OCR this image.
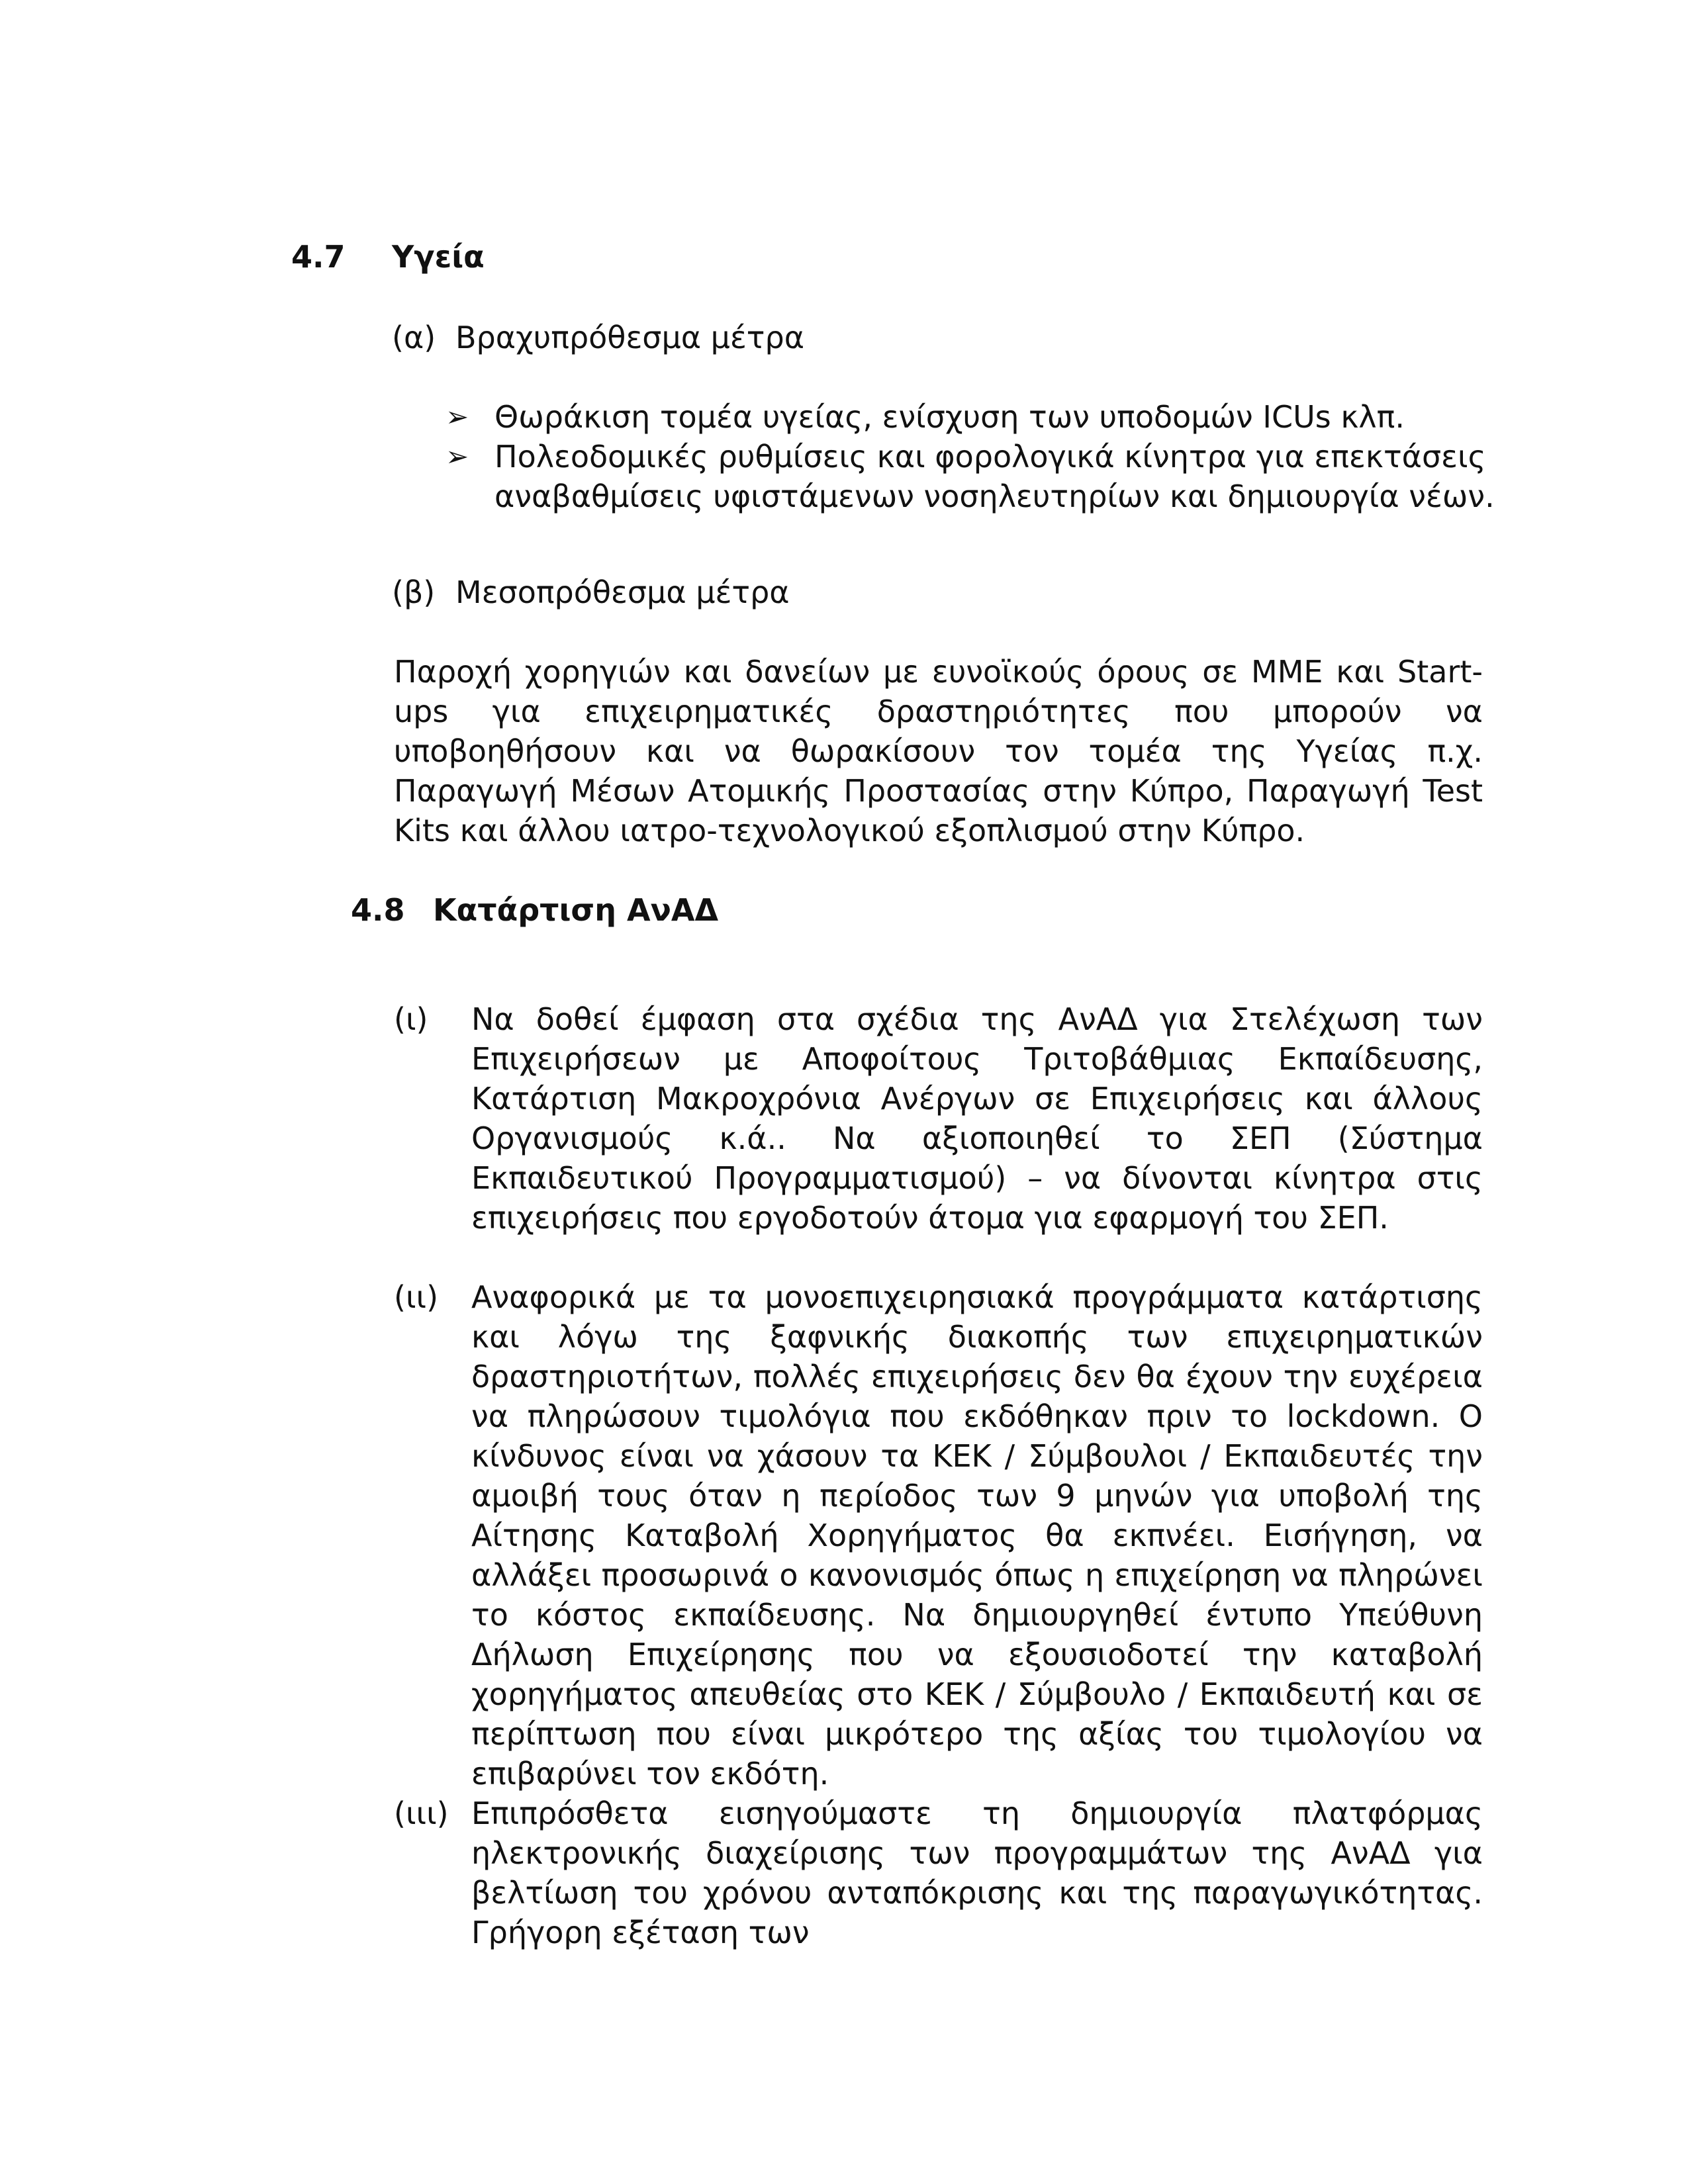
4.7 Υγεία
(α) Βραχυπρόθεσμα μέτρα
➢ Θωράκιση τομέα υγείας, ενίσχυση των υποδομών ICUs κλπ.
➢ Πολεοδομικές ρυθμίσεις και φορολογικά κίνητρα για επεκτάσεις αναβαθμίσεις υφιστάμενων νοσηλευτηρίων και δημιουργία νέων.
(β) Μεσοπρόθεσμα μέτρα
Παροχή χορηγιών και δανείων με ευνοϊκούς όρους σε ΜΜΕ και Start-ups για επιχειρηματικές δραστηριότητες που μπορούν να υποβοηθήσουν και να θωρακίσουν τον τομέα της Υγείας π.χ. Παραγωγή Μέσων Ατομικής Προστασίας στην Κύπρο, Παραγωγή Test Kits και άλλου ιατρο-τεχνολογικού εξοπλισμού στην Κύπρο.
4.8 Κατάρτιση ΑνΑΔ
(ι) Να δοθεί έμφαση στα σχέδια της ΑνΑΔ για Στελέχωση των Επιχειρήσεων με Αποφοίτους Τριτοβάθμιας Εκπαίδευσης, Κατάρτιση Μακροχρόνια Ανέργων σε Επιχειρήσεις και άλλους Οργανισμούς κ.ά.. Να αξιοποιηθεί το ΣΕΠ (Σύστημα Εκπαιδευτικού Προγραμματισμού) – να δίνονται κίνητρα στις επιχειρήσεις που εργοδοτούν άτομα για εφαρμογή του ΣΕΠ.
(ιι) Αναφορικά με τα μονοεπιχειρησιακά προγράμματα κατάρτισης και λόγω της ξαφνικής διακοπής των επιχειρηματικών δραστηριοτήτων, πολλές επιχειρήσεις δεν θα έχουν την ευχέρεια να πληρώσουν τιμολόγια που εκδόθηκαν πριν το lockdown. Ο κίνδυνος είναι να χάσουν τα ΚΕΚ / Σύμβουλοι / Εκπαιδευτές την αμοιβή τους όταν η περίοδος των 9 μηνών για υποβολή της Αίτησης Καταβολή Χορηγήματος θα εκπνέει. Εισήγηση, να αλλάξει προσωρινά ο κανονισμός όπως η επιχείρηση να πληρώνει το κόστος εκπαίδευσης. Να δημιουργηθεί έντυπο Υπεύθυνη Δήλωση Επιχείρησης που να εξουσιοδοτεί την καταβολή χορηγήματος απευθείας στο ΚΕΚ / Σύμβουλο / Εκπαιδευτή και σε περίπτωση που είναι μικρότερο της αξίας του τιμολογίου να επιβαρύνει τον εκδότη.
(ιιι) Επιπρόσθετα εισηγούμαστε τη δημιουργία πλατφόρμας ηλεκτρονικής διαχείρισης των προγραμμάτων της ΑνΑΔ για βελτίωση του χρόνου ανταπόκρισης και της παραγωγικότητας. Γρήγορη εξέταση των
